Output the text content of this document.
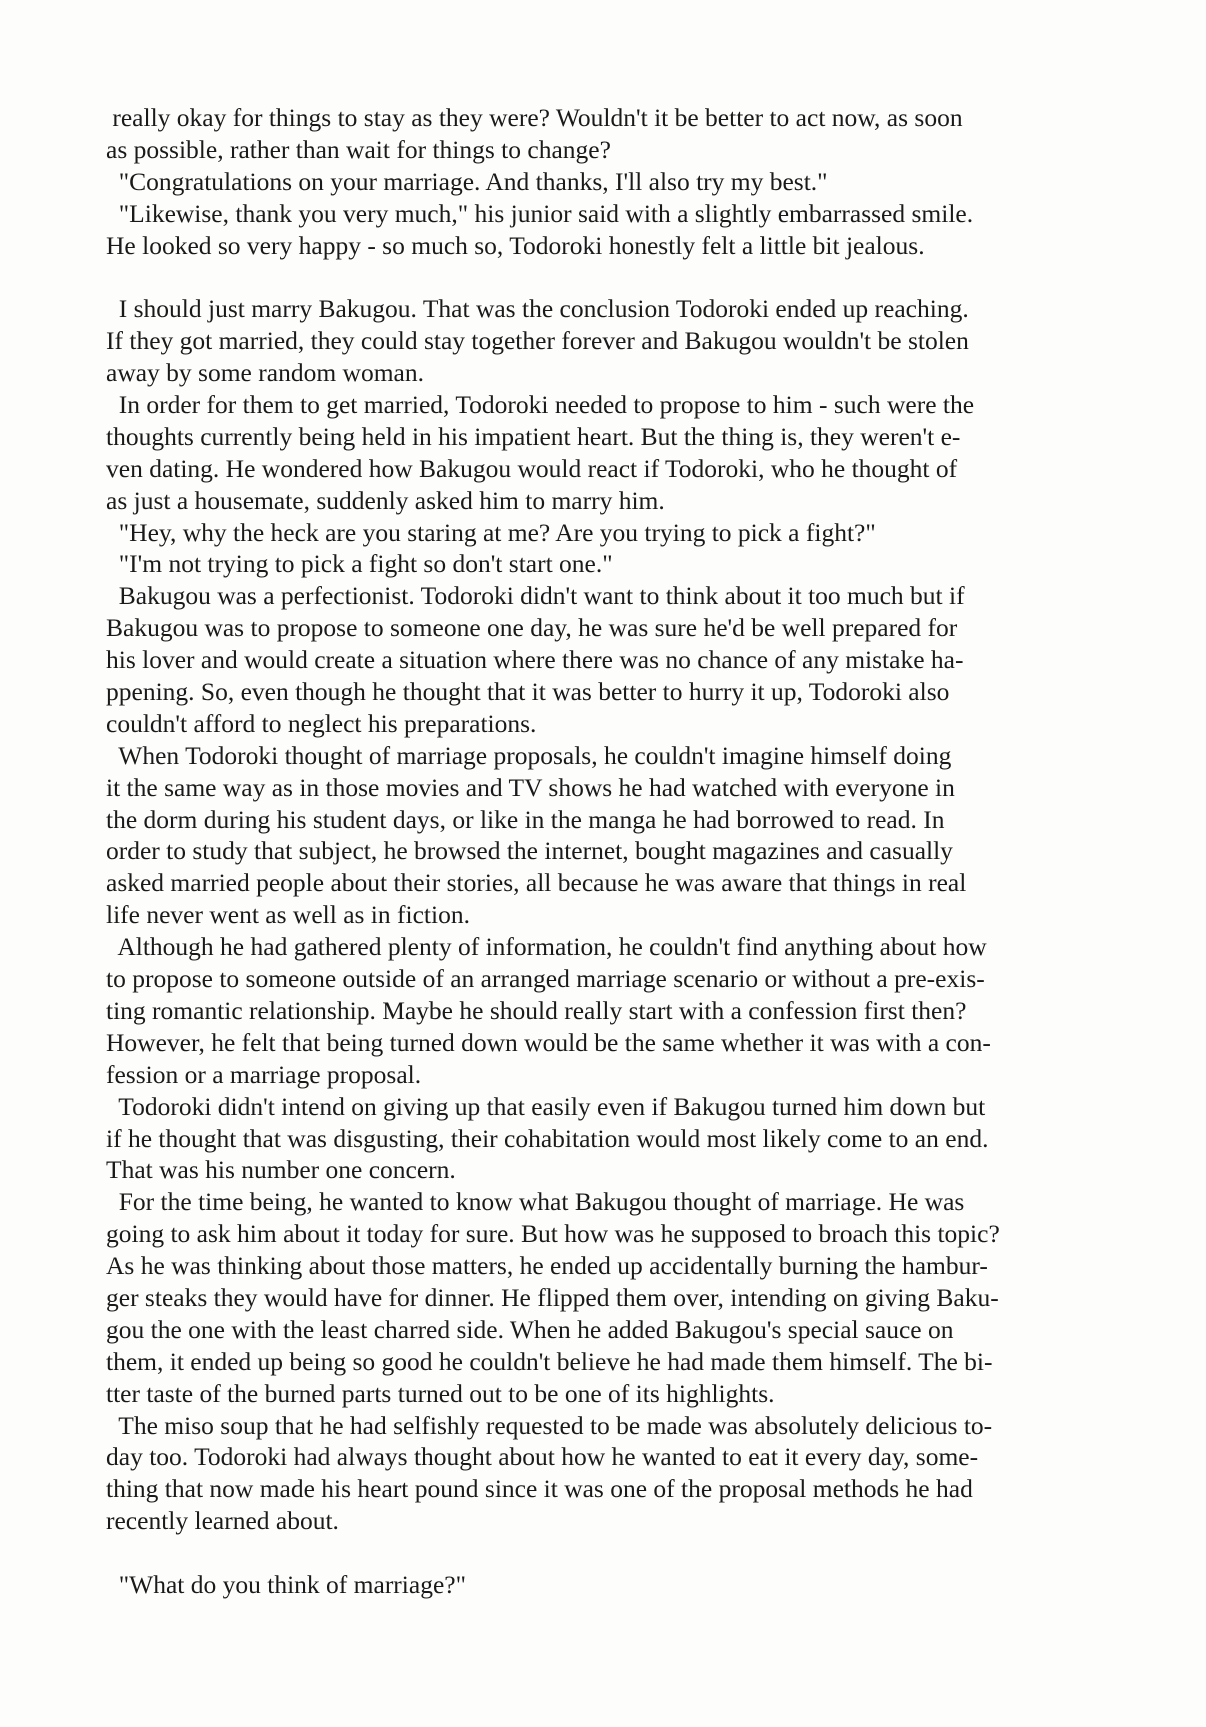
really okay for things to stay as they were? Wouldn't it be better to act now, as soon
as possible, rather than wait for things to change?
"Congratulations on your marriage. And thanks, I'll also try my best."
"Likewise, thank you very much," his junior said with a slightly embarrassed smile.
He looked so very happy - so much so, Todoroki honestly felt a little bit jealous.
I should just marry Bakugou. That was the conclusion Todoroki ended up reaching.
If they got married, they could stay together forever and Bakugou wouldn't be stolen
away by some random woman.
In order for them to get married, Todoroki needed to propose to him - such were the
thoughts currently being held in his impatient heart. But the thing is, they weren't e-
ven dating. He wondered how Bakugou would react if Todoroki, who he thought of
as just a housemate, suddenly asked him to marry him.
"Hey, why the heck are you staring at me? Are you trying to pick a fight?"
"I'm not trying to pick a fight so don't start one."
Bakugou was a perfectionist. Todoroki didn't want to think about it too much but if
Bakugou was to propose to someone one day, he was sure he'd be well prepared for
his lover and would create a situation where there was no chance of any mistake ha-
ppening. So, even though he thought that it was better to hurry it up, Todoroki also
couldn't afford to neglect his preparations.
When Todoroki thought of marriage proposals, he couldn't imagine himself doing
it the same way as in those movies and TV shows he had watched with everyone in
the dorm during his student days, or like in the manga he had borrowed to read. In
order to study that subject, he browsed the internet, bought magazines and casually
asked married people about their stories, all because he was aware that things in real
life never went as well as in fiction.
Although he had gathered plenty of information, he couldn't find anything about how
to propose to someone outside of an arranged marriage scenario or without a pre-exis-
ting romantic relationship. Maybe he should really start with a confession first then?
However, he felt that being turned down would be the same whether it was with a con-
fession or a marriage proposal.
Todoroki didn't intend on giving up that easily even if Bakugou turned him down but
if he thought that was disgusting, their cohabitation would most likely come to an end.
That was his number one concern.
For the time being, he wanted to know what Bakugou thought of marriage. He was
going to ask him about it today for sure. But how was he supposed to broach this topic?
As he was thinking about those matters, he ended up accidentally burning the hambur-
ger steaks they would have for dinner. He flipped them over, intending on giving Baku-
gou the one with the least charred side. When he added Bakugou's special sauce on
them, it ended up being so good he couldn't believe he had made them himself. The bi-
tter taste of the burned parts turned out to be one of its highlights.
The miso soup that he had selfishly requested to be made was absolutely delicious to-
day too. Todoroki had always thought about how he wanted to eat it every day, some-
thing that now made his heart pound since it was one of the proposal methods he had
recently learned about.
"What do you think of marriage?"
